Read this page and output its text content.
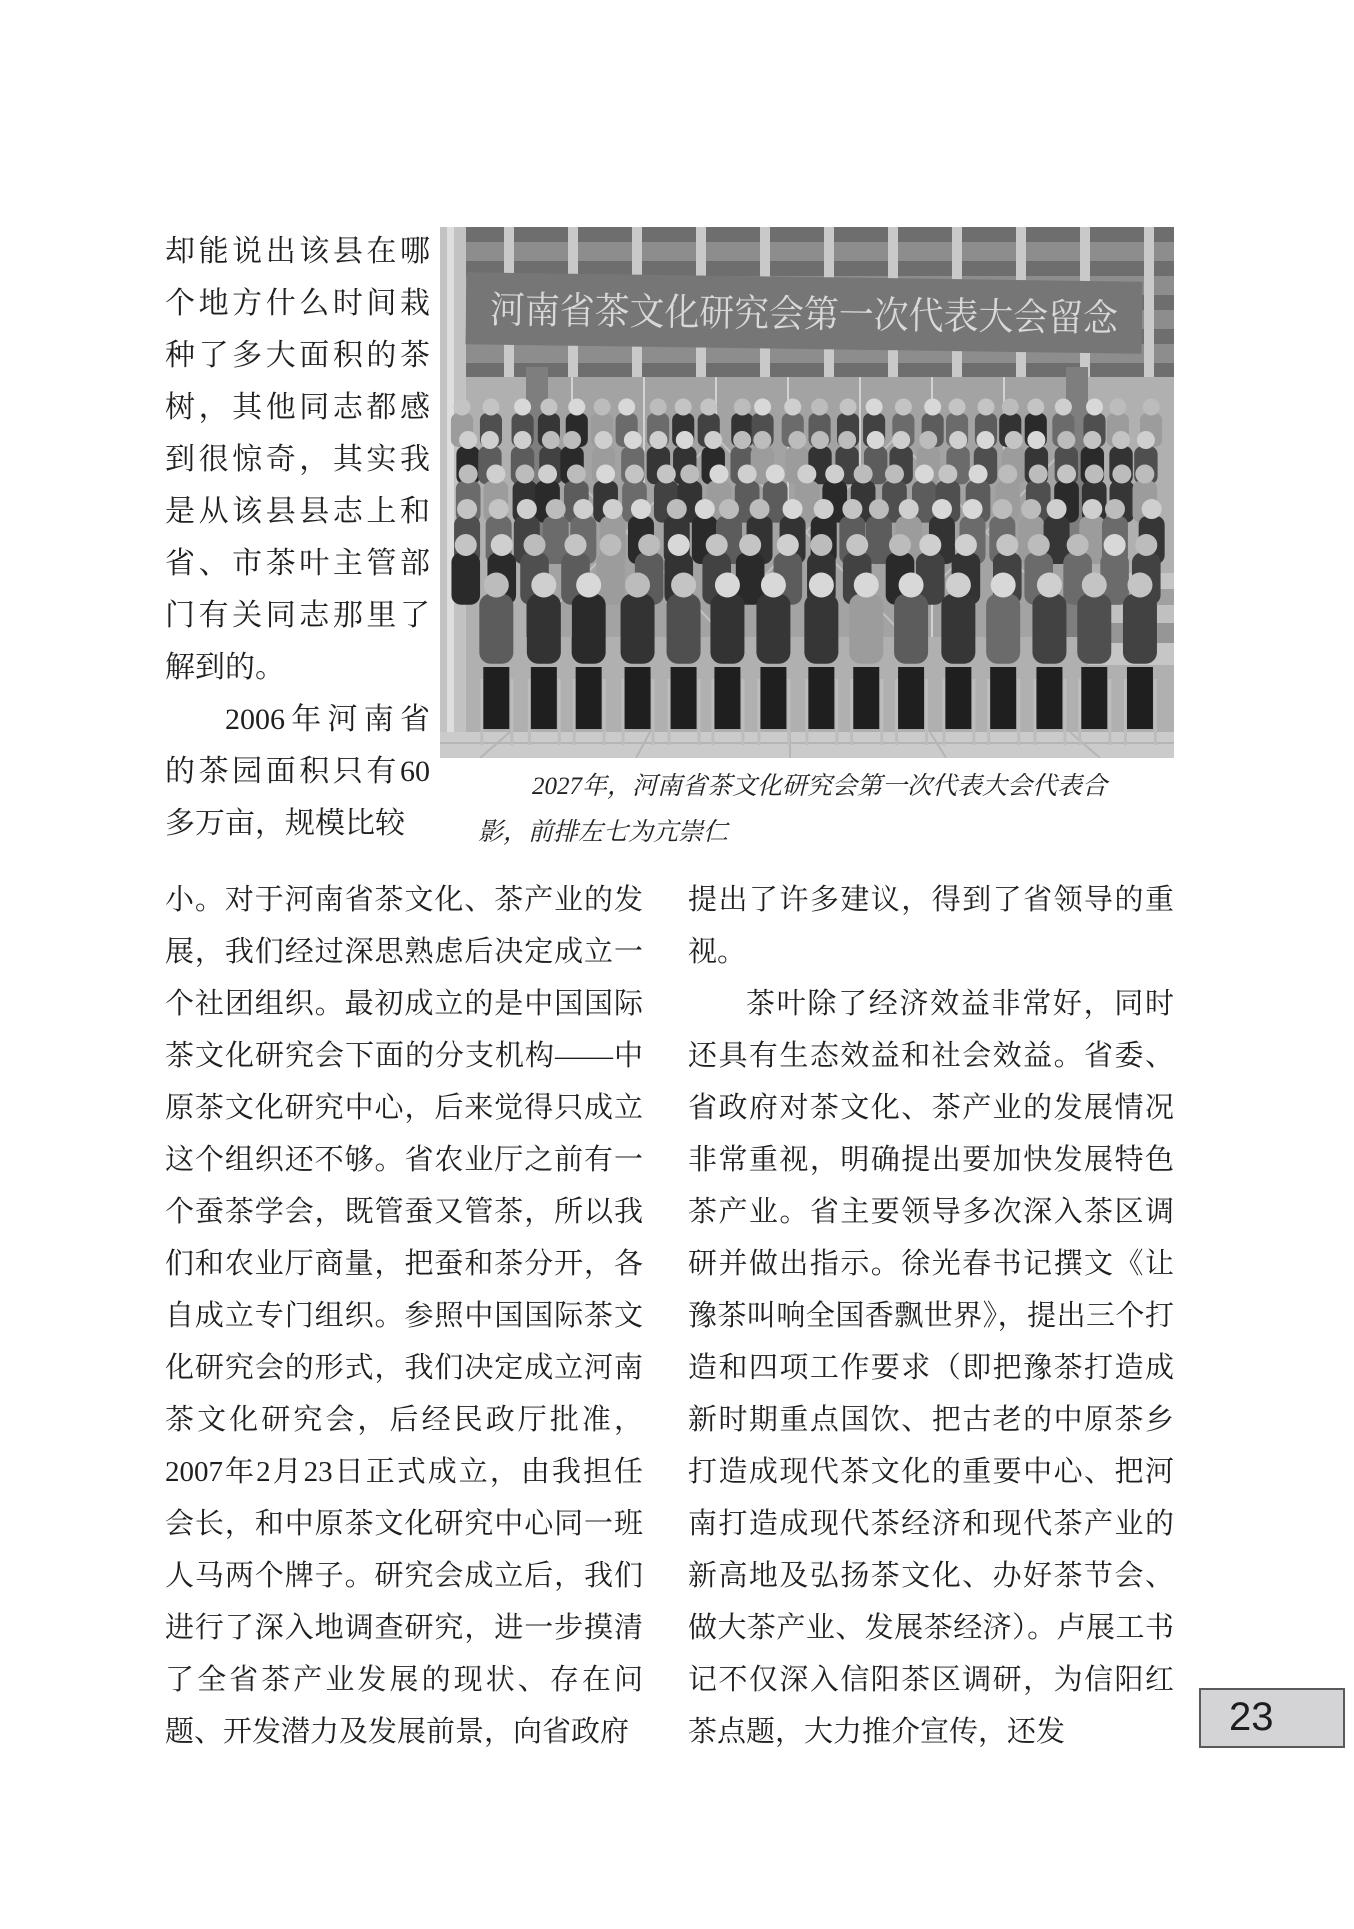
却能说出该县在哪个地方什么时间栽种了多大面积的茶树，其他同志都感到很惊奇，其实我是从该县县志上和省、市茶叶主管部门有关同志那里了解到的。

2006年河南省的茶园面积只有60多万亩，规模比较

河南省茶文化研究会第一次代表大会留念
2027年，河南省茶文化研究会第一次代表大会代表合
影，前排左七为亢崇仁

小。对于河南省茶文化、茶产业的发展，我们经过深思熟虑后决定成立一个社团组织。最初成立的是中国国际茶文化研究会下面的分支机构——中原茶文化研究中心，后来觉得只成立这个组织还不够。省农业厅之前有一个蚕茶学会，既管蚕又管茶，所以我们和农业厅商量，把蚕和茶分开，各自成立专门组织。参照中国国际茶文化研究会的形式，我们决定成立河南茶文化研究会，后经民政厅批准，2007年2月23日正式成立，由我担任会长，和中原茶文化研究中心同一班人马两个牌子。研究会成立后，我们进行了深入地调查研究，进一步摸清了全省茶产业发展的现状、存在问题、开发潜力及发展前景，向省政府

提出了许多建议，得到了省领导的重视。

茶叶除了经济效益非常好，同时还具有生态效益和社会效益。省委、省政府对茶文化、茶产业的发展情况非常重视，明确提出要加快发展特色茶产业。省主要领导多次深入茶区调研并做出指示。徐光春书记撰文《让豫茶叫响全国香飘世界》，提出三个打造和四项工作要求（即把豫茶打造成新时期重点国饮、把古老的中原茶乡打造成现代茶文化的重要中心、把河南打造成现代茶经济和现代茶产业的新高地及弘扬茶文化、办好茶节会、做大茶产业、发展茶经济）。卢展工书记不仅深入信阳茶区调研，为信阳红茶点题，大力推介宣传，还发	23
